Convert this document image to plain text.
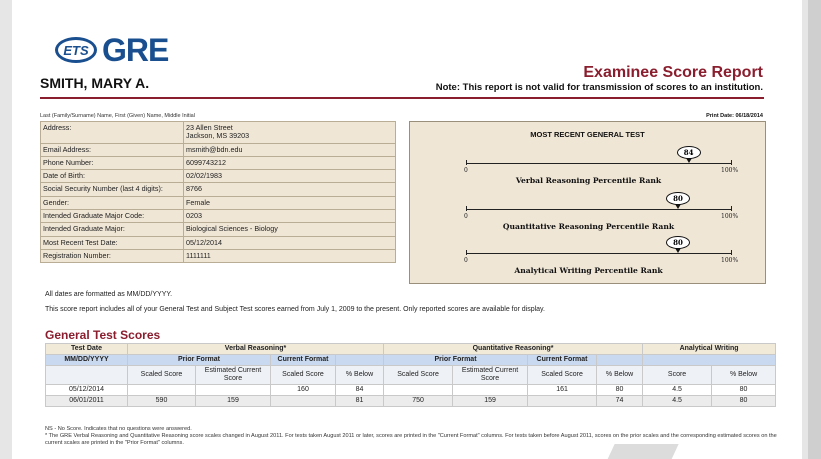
ETS GRE
SMITH, MARY A.
Examinee Score Report
Note: This report is not valid for transmission of scores to an institution.
Last (Family/Surname) Name, First (Given) Name, Middle Initial	Print Date: 06/18/2014
Address:	23 Allen Street
Jackson, MS 39203

Email Address:	msmith@bdn.edu

Phone Number:	6099743212

Date of Birth:	02/02/1983

Social Security Number (last 4 digits):	8766

Gender:	Female

Intended Graduate Major Code:	0203

Intended Graduate Major:	Biological Sciences - Biology

Most Recent Test Date:	05/12/2014

Registration Number:	1111111
MOST RECENT GENERAL TEST
84
0	100%
Verbal Reasoning Percentile Rank
80
0	100%
Quantitative Reasoning Percentile Rank
80
0	100%
Analytical Writing Percentile Rank
All dates are formatted as MM/DD/YYYY.
This score report includes all of your General Test and Subject Test scores earned from July 1, 2009 to the present. Only reported scores are available for display.
General Test Scores
Test Date	Verbal Reasoning*				Quantitative Reasoning*				Analytical Writing	
MM/DD/YYYY	Prior Format		Current Format		Prior Format		Current Format			
	Scaled Score	Estimated Current Score	Scaled Score	% Below	Scaled Score	Estimated Current Score	Scaled Score	% Below	Score	% Below
05/12/2014			160	84			161	80	4.5	80
06/01/2011	590	159		81	750	159		74	4.5	80
NS - No Score. Indicates that no questions were answered.
* The GRE Verbal Reasoning and Quantitative Reasoning score scales changed in August 2011. For tests taken August 2011 or later, scores are printed in the "Current Format" columns. For tests taken before August 2011, scores on the prior scales and the corresponding estimated scores on the current scales are printed in the "Prior Format" columns.
